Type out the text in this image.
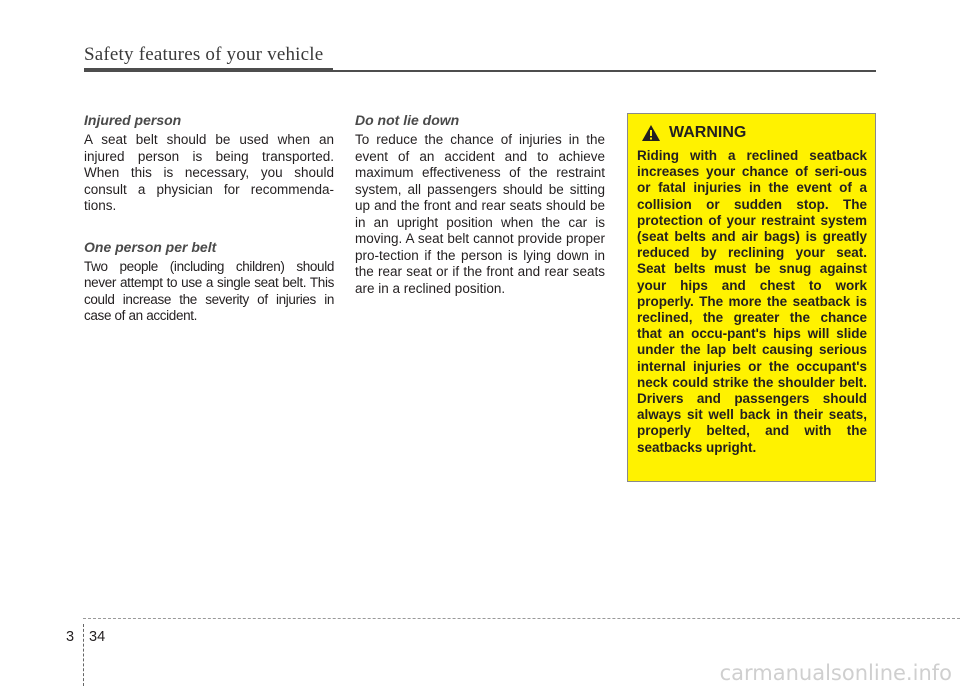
Safety features of your vehicle
Injured person

A seat belt should be used when an injured person is being transported. When this is necessary, you should consult a physician for recommenda-tions.

One person per belt

Two people (including children) should never attempt to use a single seat belt. This could increase the severity of injuries in case of an accident.

Do not lie down

To reduce the chance of injuries in the event of an accident and to achieve maximum effectiveness of the restraint system, all passengers should be sitting up and the front and rear seats should be in an upright position when the car is moving. A seat belt cannot provide proper pro-tection if the person is lying down in the rear seat or if the front and rear seats are in a reclined position.

WARNING

Riding with a reclined seatback increases your chance of seri-ous or fatal injuries in the event of a collision or sudden stop. The protection of your restraint system (seat belts and air bags) is greatly reduced by reclining your seat. Seat belts must be snug against your hips and chest to work properly. The more the seatback is reclined, the greater the chance that an occu-pant's hips will slide under the lap belt causing serious internal injuries or the occupant's neck could strike the shoulder belt. Drivers and passengers should always sit well back in their seats, properly belted, and with the seatbacks upright.

3 34
carmanualsonline.info
